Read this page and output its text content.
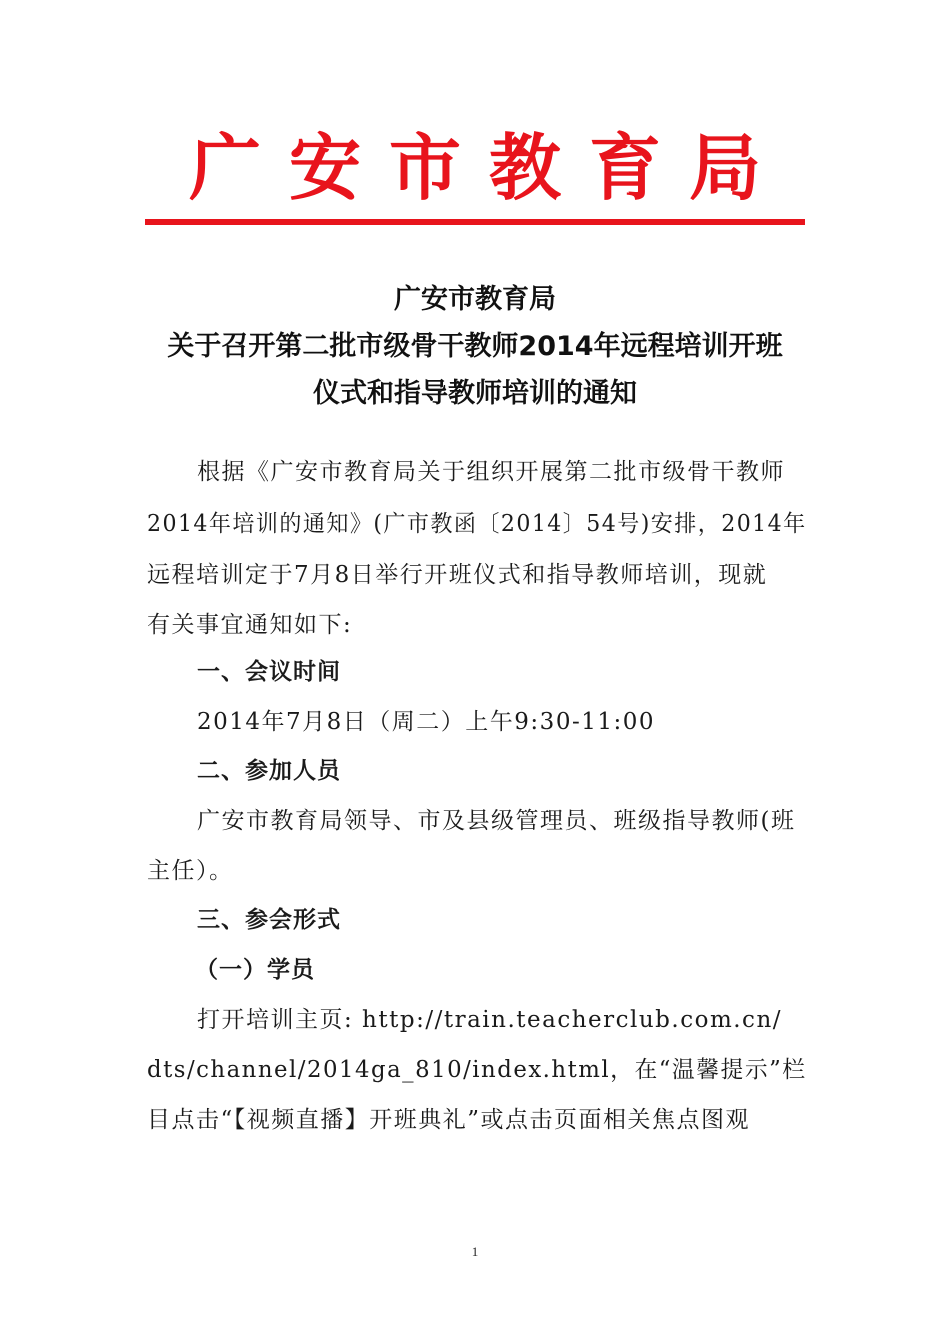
广安市教育局
广安市教育局
关于召开第二批市级骨干教师2014年远程培训开班
仪式和指导教师培训的通知
根据《广安市教育局关于组织开展第二批市级骨干教师
2014年培训的通知》(广市教函〔2014〕54号)安排，2014年
远程培训定于7月8日举行开班仪式和指导教师培训，现就
有关事宜通知如下:
一、会议时间
2014年7月8日（周二）上午9:30-11:00
二、参加人员
广安市教育局领导、市及县级管理员、班级指导教师(班
主任）。
三、参会形式
（一）学员
打开培训主页: http://train.teacherclub.com.cn/
dts/channel/2014ga_810/index.html，在“温馨提示”栏
目点击“【视频直播】开班典礼”或点击页面相关焦点图观
1
